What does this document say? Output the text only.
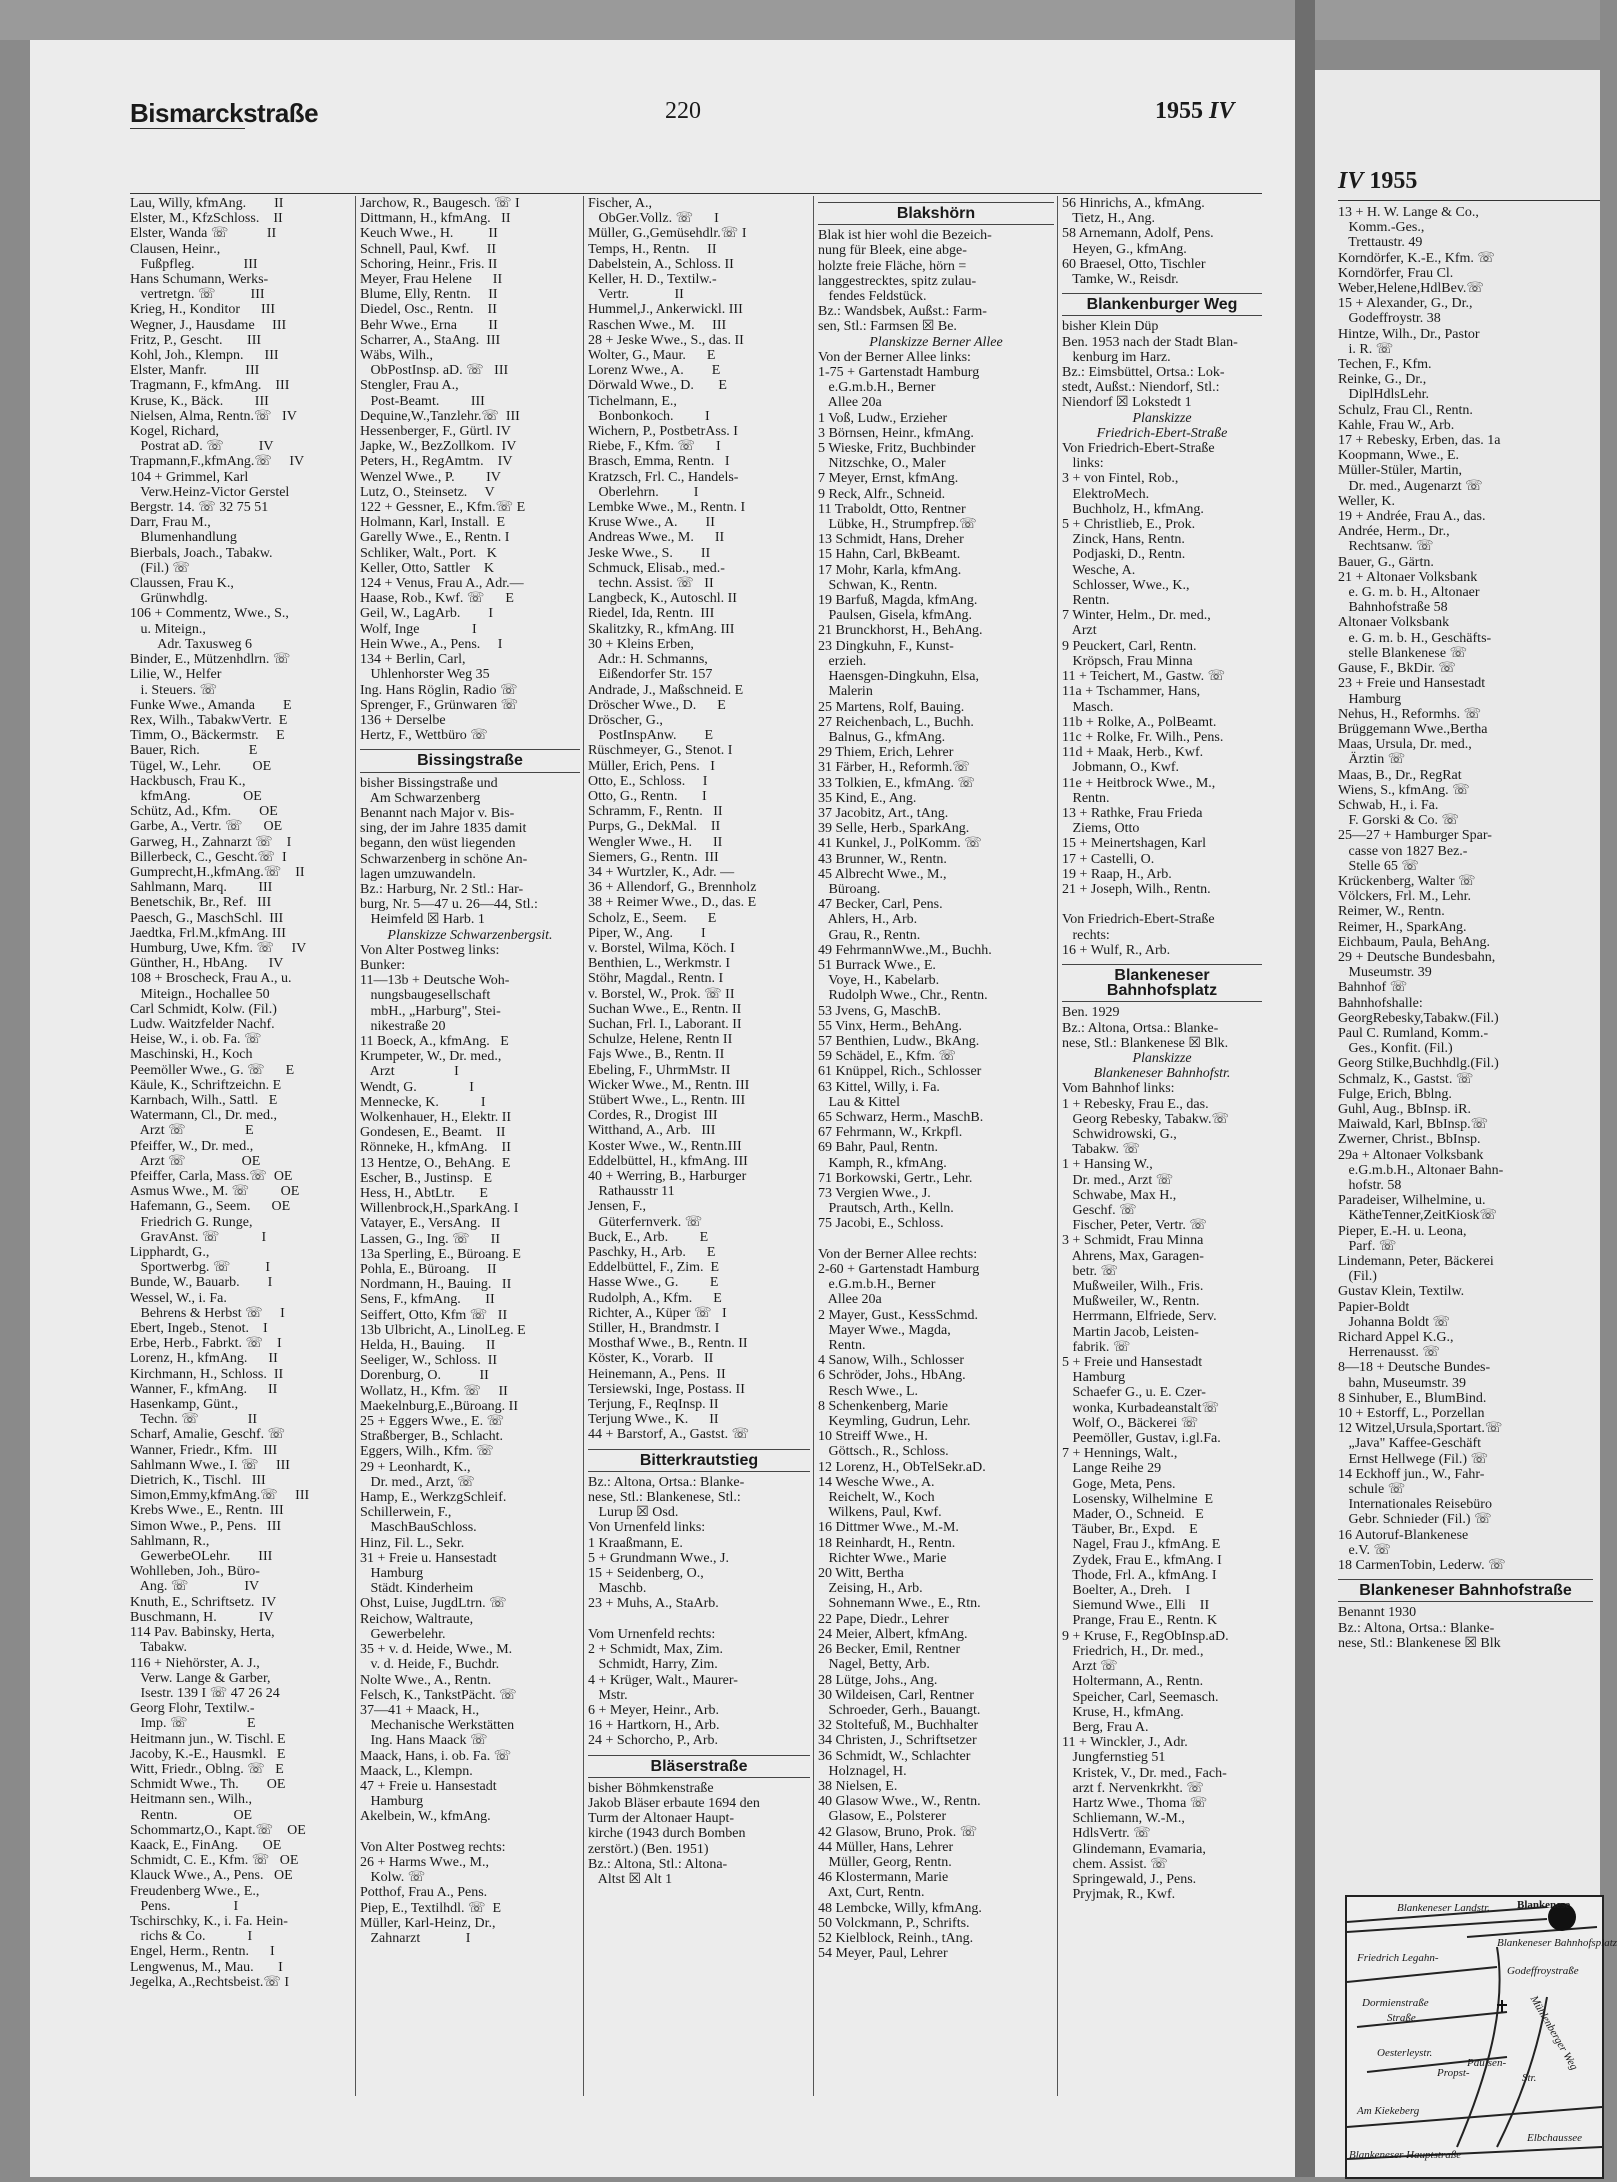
Bismarckstraße	220	1955 IV
IV 1955
Lau, Willy, kfmAng.        II
Elster, M., KfzSchloss.    II
Elster, Wanda ☏           II
Clausen, Heinr.,
Fußpfleg.              III
Hans Schumann, Werks-
vertretgn. ☏          III
Krieg, H., Konditor      III
Wegner, J., Hausdame     III
Fritz, P., Gescht.       III
Kohl, Joh., Klempn.      III
Elster, Manfr.           III
Tragmann, F., kfmAng.    III
Kruse, K., Bäck.         III
Nielsen, Alma, Rentn.☏   IV
Kogel, Richard,
Postrat aD. ☏          IV
Trapmann,F.,kfmAng.☏     IV
104 + Grimmel, Karl
Verw.Heinz-Victor Gerstel
Bergstr. 14. ☏ 32 75 51
Darr, Frau M.,
Blumenhandlung
Bierbals, Joach., Tabakw.
(Fil.) ☏
Claussen, Frau K.,
Grünwhdlg.
106 + Commentz, Wwe., S.,
u. Miteign.,
Adr. Taxusweg 6
Binder, E., Mützenhdlrn. ☏
Lilie, W., Helfer
i. Steuers. ☏
Funke Wwe., Amanda        E
Rex, Wilh., TabakwVertr.  E
Timm, O., Bäckermstr.     E
Bauer, Rich.              E
Tügel, W., Lehr.         OE
Hackbusch, Frau K.,
kfmAng.               OE
Schütz, Ad., Kfm.        OE
Garbe, A., Vertr. ☏      OE
Garweg, H., Zahnarzt ☏    I
Billerbeck, C., Gescht.☏  I
Gumprecht,H.,kfmAng.☏    II
Sahlmann, Marq.         III
Benetschik, Br., Ref.   III
Paesch, G., MaschSchl.  III
Jaedtka, Frl.M.,kfmAng. III
Humburg, Uwe, Kfm. ☏     IV
Günther, H., HbAng.      IV
108 + Broscheck, Frau A., u.
Miteign., Hochallee 50
Carl Schmidt, Kolw. (Fil.)
Ludw. Waitzfelder Nachf.
Heise, W., i. ob. Fa. ☏
Maschinski, H., Koch
Peemöller Wwe., G. ☏      E
Käule, K., Schriftzeichn. E
Karnbach, Wilh., Sattl.   E
Watermann, Cl., Dr. med.,
Arzt ☏                 E
Pfeiffer, W., Dr. med.,
Arzt ☏                OE
Pfeiffer, Carla, Mass.☏  OE
Asmus Wwe., M. ☏         OE
Hafemann, G., Seem.      OE
Friedrich G. Runge,
GravAnst. ☏            I
Lipphardt, G.,
Sportwerbg. ☏          I
Bunde, W., Bauarb.        I
Wessel, W., i. Fa.
Behrens & Herbst ☏     I
Ebert, Ingeb., Stenot.    I
Erbe, Herb., Fabrkt. ☏    I
Lorenz, H., kfmAng.      II
Kirchmann, H., Schloss.  II
Wanner, F., kfmAng.      II
Hasenkamp, Günt.,
Techn. ☏              II
Scharf, Amalie, Geschf. ☏
Wanner, Friedr., Kfm.   III
Sahlmann Wwe., I. ☏     III
Dietrich, K., Tischl.   III
Simon,Emmy,kfmAng.☏     III
Krebs Wwe., E., Rentn.  III
Simon Wwe., P., Pens.   III
Sahlmann, R.,
GewerbeOLehr.        III
Wohlleben, Joh., Büro-
Ang. ☏                IV
Knuth, E., Schriftsetz.  IV
Buschmann, H.            IV
114 Pav. Babinsky, Herta,
Tabakw.
116 + Niehörster, A. J.,
Verw. Lange & Garber,
Isestr. 139 I ☏ 47 26 24
Georg Flohr, Textilw.-
Imp. ☏                 E
Heitmann jun., W. Tischl. E
Jacoby, K.-E., Hausmkl.   E
Witt, Friedr., Oblng. ☏   E
Schmidt Wwe., Th.        OE
Heitmann sen., Wilh.,
Rentn.                OE
Schommartz,O., Kapt.☏    OE
Kaack, E., FinAng.       OE
Schmidt, C. E., Kfm. ☏   OE
Klauck Wwe., A., Pens.   OE
Freudenberg Wwe., E.,
Pens.                  I
Tschirschky, K., i. Fa. Hein-
richs & Co.            I
Engel, Herm., Rentn.      I
Lengwenus, M., Mau.       I
Jegelka, A.,Rechtsbeist.☏ I
Jarchow, R., Baugesch. ☏ I
Dittmann, H., kfmAng.   II
Keuch Wwe., H.          II
Schnell, Paul, Kwf.     II
Schoring, Heinr., Fris. II
Meyer, Frau Helene      II
Blume, Elly, Rentn.     II
Diedel, Osc., Rentn.    II
Behr Wwe., Erna         II
Scharrer, A., StaAng.  III
Wäbs, Wilh.,
ObPostInsp. aD. ☏   III
Stengler, Frau A.,
Post-Beamt.         III
Dequine,W.,Tanzlehr.☏  III
Hessenberger, F., Gürtl. IV
Japke, W., BezZollkom.  IV
Peters, H., RegAmtm.    IV
Wenzel Wwe., P.         IV
Lutz, O., Steinsetz.     V
122 + Gessner, E., Kfm.☏ E
Holmann, Karl, Install.  E
Garelly Wwe., E., Rentn. I
Schliker, Walt., Port.   K
Keller, Otto, Sattler    K
124 + Venus, Frau A., Adr.—
Haase, Rob., Kwf. ☏      E
Geil, W., LagArb.        I
Wolf, Inge               I
Hein Wwe., A., Pens.     I
134 + Berlin, Carl,
Uhlenhorster Weg 35
Ing. Hans Röglin, Radio ☏
Sprenger, F., Grünwaren ☏
136 + Derselbe
Hertz, F., Wettbüro ☏
Bissingstraße
bisher Bissingstraße und
Am Schwarzenberg
Benannt nach Major v. Bis-
sing, der im Jahre 1835 damit
begann, den wüst liegenden
Schwarzenberg in schöne An-
lagen umzuwandeln.
Bz.: Harburg, Nr. 2 Stl.: Har-
burg, Nr. 5—47 u. 26—44, Stl.:
Heimfeld ☒ Harb. 1
Planskizze Schwarzenbergsit.
Von Alter Postweg links:
Bunker:
11—13b + Deutsche Woh-
nungsbaugesellschaft
mbH., „Harburg", Stei-
nikestraße 20
11 Boeck, A., kfmAng.   E
Krumpeter, W., Dr. med.,
Arzt                 I
Wendt, G.               I
Mennecke, K.            I
Wolkenhauer, H., Elektr. II
Gondesen, E., Beamt.    II
Rönneke, H., kfmAng.    II
13 Hentze, O., BehAng.  E
Escher, B., Justinsp.   E
Hess, H., AbtLtr.       E
Willenbrock,H.,SparkAng. I
Vatayer, E., VersAng.   II
Lassen, G., Ing. ☏      II
13a Sperling, E., Büroang. E
Pohla, E., Büroang.     II
Nordmann, H., Bauing.   II
Sens, F., kfmAng.       II
Seiffert, Otto, Kfm ☏   II
13b Ulbricht, A., LinolLeg. E
Helda, H., Bauing.      II
Seeliger, W., Schloss.  II
Dorenburg, O.           II
Wollatz, H., Kfm. ☏     II
Maekelnburg,E.,Büroang. II
25 + Eggers Wwe., E. ☏
Straßberger, B., Schlacht.
Eggers, Wilh., Kfm. ☏
29 + Leonhardt, K.,
Dr. med., Arzt, ☏
Hamp, E., WerkzgSchleif.
Schillerwein, F.,
MaschBauSchloss.
Hinz, Fil. L., Sekr.
31 + Freie u. Hansestadt
Hamburg
Städt. Kinderheim
Ohst, Luise, JugdLtrn. ☏
Reichow, Waltraute,
Gewerbelehr.
35 + v. d. Heide, Wwe., M.
v. d. Heide, F., Buchdr.
Nolte Wwe., A., Rentn.
Felsch, K., TankstPächt. ☏
37—41 + Maack, H.,
Mechanische Werkstätten
Ing. Hans Maack ☏
Maack, Hans, i. ob. Fa. ☏
Maack, L., Klempn.
47 + Freie u. Hansestadt
Hamburg
Akelbein, W., kfmAng.

Von Alter Postweg rechts:
26 + Harms Wwe., M.,
Kolw. ☏
Potthof, Frau A., Pens.
Piep, E., Textilhdl. ☏  E
Müller, Karl-Heinz, Dr.,
Zahnarzt             I
Fischer, A.,
ObGer.Vollz. ☏      I
Müller, G.,Gemüsehdlr.☏ I
Temps, H., Rentn.     II
Dabelstein, A., Schloss. II
Keller, H. D., Textilw.-
Vertr.             II
Hummel,J., Ankerwickl. III
Raschen Wwe., M.     III
28 + Jeske Wwe., S., das. II
Wolter, G., Maur.      E
Lorenz Wwe., A.        E
Dörwald Wwe., D.       E
Tichelmann, E.,
Bonbonkoch.         I
Wichern, P., PostbetrAss. I
Riebe, F., Kfm. ☏      I
Brasch, Emma, Rentn.   I
Kratzsch, Frl. C., Handels-
Oberlehrn.          I
Lembke Wwe., M., Rentn. I
Kruse Wwe., A.        II
Andreas Wwe., M.      II
Jeske Wwe., S.        II
Schmuck, Elisab., med.-
techn. Assist. ☏   II
Langbeck, K., Autoschl. II
Riedel, Ida, Rentn.  III
Skalitzky, R., kfmAng. III
30 + Kleins Erben,
Adr.: H. Schmanns,
Eißendorfer Str. 157
Andrade, J., Maßschneid. E
Dröscher Wwe., D.      E
Dröscher, G.,
PostInspAnw.        E
Rüschmeyer, G., Stenot. I
Müller, Erich, Pens.   I
Otto, E., Schloss.     I
Otto, G., Rentn.       I
Schramm, F., Rentn.   II
Purps, G., DekMal.    II
Wengler Wwe., H.      II
Siemers, G., Rentn.  III
34 + Wurtzler, K., Adr. —
36 + Allendorf, G., Brennholz
38 + Reimer Wwe., D., das. E
Scholz, E., Seem.      E
Piper, W., Ang.        I
v. Borstel, Wilma, Köch. I
Benthien, L., Werkmstr. I
Stöhr, Magdal., Rentn. I
v. Borstel, W., Prok. ☏ II
Suchan Wwe., E., Rentn. II
Suchan, Frl. I., Laborant. II
Schulze, Helene, Rentn II
Fajs Wwe., B., Rentn. II
Ebeling, F., UhrmMstr. II
Wicker Wwe., M., Rentn. III
Stübert Wwe., L., Rentn. III
Cordes, R., Drogist  III
Witthand, A., Arb.   III
Koster Wwe., W., Rentn.III
Eddelbüttel, H., kfmAng. III
40 + Werring, B., Harburger
Rathausstr 11
Jensen, F.,
Güterfernverk. ☏
Buck, E., Arb.         E
Paschky, H., Arb.      E
Eddelbüttel, F., Zim.  E
Hasse Wwe., G.         E
Rudolph, A., Kfm.      E
Richter, A., Küper ☏   I
Stiller, H., Brandmstr. I
Mosthaf Wwe., B., Rentn. II
Köster, K., Vorarb.   II
Heinemann, A., Pens.  II
Tersiewski, Inge, Postass. II
Terjung, F., ReqInsp. II
Terjung Wwe., K.      II
44 + Barstorf, A., Gastst. ☏
Bitterkrautstieg
Bz.: Altona, Ortsa.: Blanke-
nese, Stl.: Blankenese, Stl.:
Lurup ☒ Osd.
Von Urnenfeld links:
1 Kraaßmann, E.
5 + Grundmann Wwe., J.
15 + Seidenberg, O.,
Maschb.
23 + Muhs, A., StaArb.

Vom Urnenfeld rechts:
2 + Schmidt, Max, Zim.
Schmidt, Harry, Zim.
4 + Krüger, Walt., Maurer-
Mstr.
6 + Meyer, Heinr., Arb.
16 + Hartkorn, H., Arb.
24 + Schorcho, P., Arb.
Bläserstraße
bisher Böhmkenstraße
Jakob Bläser erbaute 1694 den
Turm der Altonaer Haupt-
kirche (1943 durch Bomben
zerstört.) (Ben. 1951)
Bz.: Altona, Stl.: Altona-
Altst ☒ Alt 1
Blakshörn
Blak ist hier wohl die Bezeich-
nung für Bleek, eine abge-
holzte freie Fläche, hörn =
langgestrecktes, spitz zulau-
fendes Feldstück.
Bz.: Wandsbek, Außst.: Farm-
sen, Stl.: Farmsen ☒ Be.
Planskizze Berner Allee
Von der Berner Allee links:
1-75 + Gartenstadt Hamburg
e.G.m.b.H., Berner
Allee 20a
1 Voß, Ludw., Erzieher
3 Börnsen, Heinr., kfmAng.
5 Wieske, Fritz, Buchbinder
Nitzschke, O., Maler
7 Meyer, Ernst, kfmAng.
9 Reck, Alfr., Schneid.
11 Traboldt, Otto, Rentner
Lübke, H., Strumpfrep.☏
13 Schmidt, Hans, Dreher
15 Hahn, Carl, BkBeamt.
17 Mohr, Karla, kfmAng.
Schwan, K., Rentn.
19 Barfuß, Magda, kfmAng.
Paulsen, Gisela, kfmAng.
21 Brunckhorst, H., BehAng.
23 Dingkuhn, F., Kunst-
erzieh.
Haensgen-Dingkuhn, Elsa,
Malerin
25 Martens, Rolf, Bauing.
27 Reichenbach, L., Buchh.
Balnus, G., kfmAng.
29 Thiem, Erich, Lehrer
31 Färber, H., Reformh.☏
33 Tolkien, E., kfmAng. ☏
35 Kind, E., Ang.
37 Jacobitz, Art., tAng.
39 Selle, Herb., SparkAng.
41 Kunkel, J., PolKomm. ☏
43 Brunner, W., Rentn.
45 Albrecht Wwe., M.,
Büroang.
47 Becker, Carl, Pens.
Ahlers, H., Arb.
Grau, R., Rentn.
49 FehrmannWwe.,M., Buchh.
51 Burrack Wwe., E.
Voye, H., Kabelarb.
Rudolph Wwe., Chr., Rentn.
53 Jvens, G, MaschB.
55 Vinx, Herm., BehAng.
57 Benthien, Ludw., BkAng.
59 Schädel, E., Kfm. ☏
61 Knüppel, Rich., Schlosser
63 Kittel, Willy, i. Fa.
Lau & Kittel
65 Schwarz, Herm., MaschB.
67 Fehrmann, W., Krkpfl.
69 Bahr, Paul, Rentn.
Kamph, R., kfmAng.
71 Borkowski, Gertr., Lehr.
73 Vergien Wwe., J.
Prautsch, Arth., Kelln.
75 Jacobi, E., Schloss.

Von der Berner Allee rechts:
2-60 + Gartenstadt Hamburg
e.G.m.b.H., Berner
Allee 20a
2 Mayer, Gust., KessSchmd.
Mayer Wwe., Magda,
Rentn.
4 Sanow, Wilh., Schlosser
6 Schröder, Johs., HbAng.
Resch Wwe., L.
8 Schenkenberg, Marie
Keymling, Gudrun, Lehr.
10 Streiff Wwe., H.
Göttsch., R., Schloss.
12 Lorenz, H., ObTelSekr.aD.
14 Wesche Wwe., A.
Reichelt, W., Koch
Wilkens, Paul, Kwf.
16 Dittmer Wwe., M.-M.
18 Reinhardt, H., Rentn.
Richter Wwe., Marie
20 Witt, Bertha
Zeising, H., Arb.
Sohnemann Wwe., E., Rtn.
22 Pape, Diedr., Lehrer
24 Meier, Albert, kfmAng.
26 Becker, Emil, Rentner
Nagel, Betty, Arb.
28 Lütge, Johs., Ang.
30 Wildeisen, Carl, Rentner
Schroeder, Gerh., Bauangt.
32 Stoltefuß, M., Buchhalter
34 Christen, J., Schriftsetzer
36 Schmidt, W., Schlachter
Holznagel, H.
38 Nielsen, E.
40 Glasow Wwe., W., Rentn.
Glasow, E., Polsterer
42 Glasow, Bruno, Prok. ☏
44 Müller, Hans, Lehrer
Müller, Georg, Rentn.
46 Klostermann, Marie
Axt, Curt, Rentn.
48 Lembcke, Willy, kfmAng.
50 Volckmann, P., Schrifts.
52 Kielblock, Reinh., tAng.
54 Meyer, Paul, Lehrer
56 Hinrichs, A., kfmAng.
Tietz, H., Ang.
58 Arnemann, Adolf, Pens.
Heyen, G., kfmAng.
60 Braesel, Otto, Tischler
Tamke, W., Reisdr.
Blankenburger Weg
bisher Klein Düp
Ben. 1953 nach der Stadt Blan-
kenburg im Harz.
Bz.: Eimsbüttel, Ortsa.: Lok-
stedt, Außst.: Niendorf, Stl.:
Niendorf ☒ Lokstedt 1
Planskizze
Friedrich-Ebert-Straße
Von Friedrich-Ebert-Straße
links:
3 + von Fintel, Rob.,
ElektroMech.
Buchholz, H., kfmAng.
5 + Christlieb, E., Prok.
Zinck, Hans, Rentn.
Podjaski, D., Rentn.
Wesche, A.
Schlosser, Wwe., K.,
Rentn.
7 Winter, Helm., Dr. med.,
Arzt
9 Peuckert, Carl, Rentn.
Kröpsch, Frau Minna
11 + Teichert, M., Gastw. ☏
11a + Tschammer, Hans,
Masch.
11b + Rolke, A., PolBeamt.
11c + Rolke, Fr. Wilh., Pens.
11d + Maak, Herb., Kwf.
Jobmann, O., Kwf.
11e + Heitbrock Wwe., M.,
Rentn.
13 + Rathke, Frau Frieda
Ziems, Otto
15 + Meinertshagen, Karl
17 + Castelli, O.
19 + Raap, H., Arb.
21 + Joseph, Wilh., Rentn.

Von Friedrich-Ebert-Straße
rechts:
16 + Wulf, R., Arb.
Blankeneser Bahnhofsplatz
Ben. 1929
Bz.: Altona, Ortsa.: Blanke-
nese, Stl.: Blankenese ☒ Blk.
Planskizze
Blankeneser Bahnhofstr.
Vom Bahnhof links:
1 + Rebesky, Frau E., das.
Georg Rebesky, Tabakw.☏
Schwidrowski, G.,
Tabakw. ☏
1 + Hansing W.,
Dr. med., Arzt ☏
Schwabe, Max H.,
Geschf. ☏
Fischer, Peter, Vertr. ☏
3 + Schmidt, Frau Minna
Ahrens, Max, Garagen-
betr. ☏
Mußweiler, Wilh., Fris.
Mußweiler, W., Rentn.
Herrmann, Elfriede, Serv.
Martin Jacob, Leisten-
fabrik. ☏
5 + Freie und Hansestadt
Hamburg
Schaefer G., u. E. Czer-
wonka, Kurbadeanstalt☏
Wolf, O., Bäckerei ☏
Peemöller, Gustav, i.gl.Fa.
7 + Hennings, Walt.,
Lange Reihe 29
Goge, Meta, Pens.
Losensky, Wilhelmine  E
Mader, O., Schneid.   E
Täuber, Br., Expd.    E
Nagel, Frau J., kfmAng. E
Zydek, Frau E., kfmAng. I
Thode, Frl. A., kfmAng. I
Boelter, A., Dreh.    I
Siemund Wwe., Elli    II
Prange, Frau E., Rentn. K
9 + Kruse, F., RegObInsp.aD.
Friedrich, H., Dr. med.,
Arzt ☏
Holtermann, A., Rentn.
Speicher, Carl, Seemasch.
Kruse, H., kfmAng.
Berg, Frau A.
11 + Winckler, J., Adr.
Jungfernstieg 51
Kristek, V., Dr. med., Fach-
arzt f. Nervenkrkht. ☏
Hartz Wwe., Thoma ☏
Schliemann, W.-M.,
HdlsVertr. ☏
Glindemann, Evamaria,
chem. Assist. ☏
Springewald, J., Pens.
Pryjmak, R., Kwf.
13 + H. W. Lange & Co.,
Komm.-Ges.,
Trettaustr. 49
Korndörfer, K.-E., Kfm. ☏
Korndörfer, Frau Cl.
Weber,Helene,HdlBev.☏
15 + Alexander, G., Dr.,
Godeffroystr. 38
Hintze, Wilh., Dr., Pastor
i. R. ☏
Techen, F., Kfm.
Reinke, G., Dr.,
DiplHdlsLehr.
Schulz, Frau Cl., Rentn.
Kahle, Frau W., Arb.
17 + Rebesky, Erben, das. 1a
Koopmann, Wwe., E.
Müller-Stüler, Martin,
Dr. med., Augenarzt ☏
Weller, K.
19 + Andrée, Frau A., das.
Andrée, Herm., Dr.,
Rechtsanw. ☏
Bauer, G., Gärtn.
21 + Altonaer Volksbank
e. G. m. b. H., Altonaer
Bahnhofstraße 58
Altonaer Volksbank
e. G. m. b. H., Geschäfts-
stelle Blankenese ☏
Gause, F., BkDir. ☏
23 + Freie und Hansestadt
Hamburg
Nehus, H., Reformhs. ☏
Brüggemann Wwe.,Bertha
Maas, Ursula, Dr. med.,
Ärztin ☏
Maas, B., Dr., RegRat
Wiens, S., kfmAng. ☏
Schwab, H., i. Fa.
F. Gorski & Co. ☏
25—27 + Hamburger Spar-
casse von 1827 Bez.-
Stelle 65 ☏
Krückenberg, Walter ☏
Völckers, Frl. M., Lehr.
Reimer, W., Rentn.
Reimer, H., SparkAng.
Eichbaum, Paula, BehAng.
29 + Deutsche Bundesbahn,
Museumstr. 39
Bahnhof ☏
Bahnhofshalle:
GeorgRebesky,Tabakw.(Fil.)
Paul C. Rumland, Komm.-
Ges., Konfit. (Fil.)
Georg Stilke,Buchhdlg.(Fil.)
Schmalz, K., Gastst. ☏
Fulge, Erich, Bblng.
Guhl, Aug., BbInsp. iR.
Maiwald, Karl, BbInsp.☏
Zwerner, Christ., BbInsp.
29a + Altonaer Volksbank
e.G.m.b.H., Altonaer Bahn-
hofstr. 58
Paradeiser, Wilhelmine, u.
KätheTenner,ZeitKiosk☏
Pieper, E.-H. u. Leona,
Parf. ☏
Lindemann, Peter, Bäckerei
(Fil.)
Gustav Klein, Textilw.
Papier-Boldt
Johanna Boldt ☏
Richard Appel K.G.,
Herrenausst. ☏
8—18 + Deutsche Bundes-
bahn, Museumstr. 39
8 Sinhuber, E., BlumBind.
10 + Estorff, L., Porzellan
12 Witzel,Ursula,Sportart.☏
„Java" Kaffee-Geschäft
Ernst Hellwege (Fil.) ☏
14 Eckhoff jun., W., Fahr-
schule ☏
Internationales Reisebüro
Gebr. Schnieder (Fil.) ☏
16 Autoruf-Blankenese
e.V. ☏
18 CarmenTobin, Lederw. ☏
Blankeneser Bahnhofstraße
Benannt 1930
Bz.: Altona, Ortsa.: Blanke-
nese, Stl.: Blankenese ☒ Blk
Blankeneser Landstr. Blankenese
Blankeneser Bahnhofsplatz
Friedrich Legahn-
Godeffroystraße
Dormienstraße
Straße
Oesterleystr.
Propst-
Paulsen-
Str.
Mühlenberger Weg
Am Kiekeberg
Blankeneser Hauptstraße
Elbchaussee
